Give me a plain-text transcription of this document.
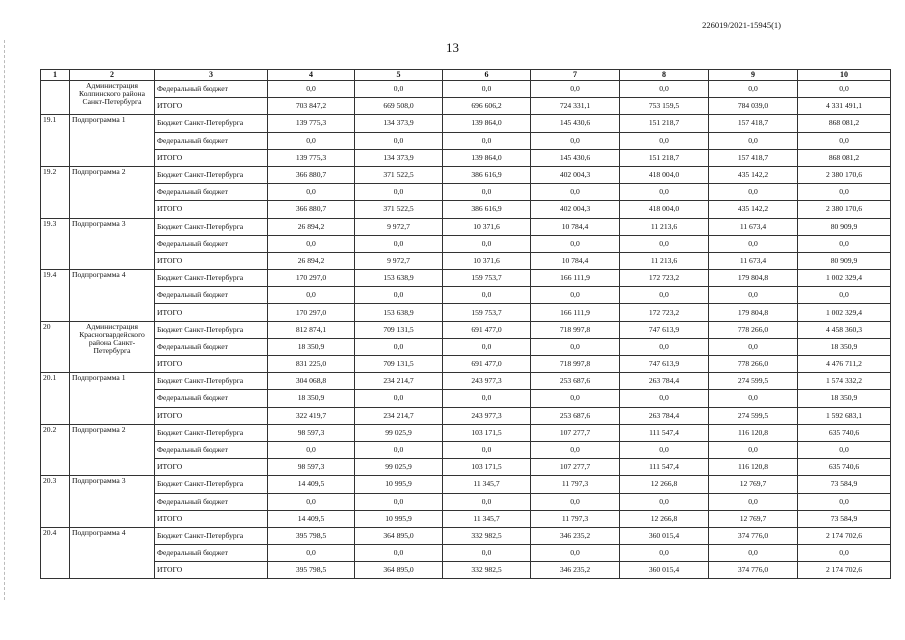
226019/2021-15945(1)
13
1	2	3	4	5	6	7	8	9	10
	Администрация Колпинского района Санкт-Петербурга	Федеральный бюджет	0,0	0,0	0,0	0,0	0,0	0,0	0,0
		ИТОГО	703 847,2	669 508,0	696 606,2	724 331,1	753 159,5	784 039,0	4 331 491,1
19.1	Подпрограмма 1	Бюджет Санкт-Петербурга	139 775,3	134 373,9	139 864,0	145 430,6	151 218,7	157 418,7	868 081,2
		Федеральный бюджет	0,0	0,0	0,0	0,0	0,0	0,0	0,0
		ИТОГО	139 775,3	134 373,9	139 864,0	145 430,6	151 218,7	157 418,7	868 081,2
19.2	Подпрограмма 2	Бюджет Санкт-Петербурга	366 880,7	371 522,5	386 616,9	402 004,3	418 004,0	435 142,2	2 380 170,6
		Федеральный бюджет	0,0	0,0	0,0	0,0	0,0	0,0	0,0
		ИТОГО	366 880,7	371 522,5	386 616,9	402 004,3	418 004,0	435 142,2	2 380 170,6
19.3	Подпрограмма 3	Бюджет Санкт-Петербурга	26 894,2	9 972,7	10 371,6	10 784,4	11 213,6	11 673,4	80 909,9
		Федеральный бюджет	0,0	0,0	0,0	0,0	0,0	0,0	0,0
		ИТОГО	26 894,2	9 972,7	10 371,6	10 784,4	11 213,6	11 673,4	80 909,9
19.4	Подпрограмма 4	Бюджет Санкт-Петербурга	170 297,0	153 638,9	159 753,7	166 111,9	172 723,2	179 804,8	1 002 329,4
		Федеральный бюджет	0,0	0,0	0,0	0,0	0,0	0,0	0,0
		ИТОГО	170 297,0	153 638,9	159 753,7	166 111,9	172 723,2	179 804,8	1 002 329,4
20	Администрация Красногвардейского района Санкт-Петербурга	Бюджет Санкт-Петербурга	812 874,1	709 131,5	691 477,0	718 997,8	747 613,9	778 266,0	4 458 360,3
		Федеральный бюджет	18 350,9	0,0	0,0	0,0	0,0	0,0	18 350,9
		ИТОГО	831 225,0	709 131,5	691 477,0	718 997,8	747 613,9	778 266,0	4 476 711,2
20.1	Подпрограмма 1	Бюджет Санкт-Петербурга	304 068,8	234 214,7	243 977,3	253 687,6	263 784,4	274 599,5	1 574 332,2
		Федеральный бюджет	18 350,9	0,0	0,0	0,0	0,0	0,0	18 350,9
		ИТОГО	322 419,7	234 214,7	243 977,3	253 687,6	263 784,4	274 599,5	1 592 683,1
20.2	Подпрограмма 2	Бюджет Санкт-Петербурга	98 597,3	99 025,9	103 171,5	107 277,7	111 547,4	116 120,8	635 740,6
		Федеральный бюджет	0,0	0,0	0,0	0,0	0,0	0,0	0,0
		ИТОГО	98 597,3	99 025,9	103 171,5	107 277,7	111 547,4	116 120,8	635 740,6
20.3	Подпрограмма 3	Бюджет Санкт-Петербурга	14 409,5	10 995,9	11 345,7	11 797,3	12 266,8	12 769,7	73 584,9
		Федеральный бюджет	0,0	0,0	0,0	0,0	0,0	0,0	0,0
		ИТОГО	14 409,5	10 995,9	11 345,7	11 797,3	12 266,8	12 769,7	73 584,9
20.4	Подпрограмма 4	Бюджет Санкт-Петербурга	395 798,5	364 895,0	332 982,5	346 235,2	360 015,4	374 776,0	2 174 702,6
		Федеральный бюджет	0,0	0,0	0,0	0,0	0,0	0,0	0,0
		ИТОГО	395 798,5	364 895,0	332 982,5	346 235,2	360 015,4	374 776,0	2 174 702,6
